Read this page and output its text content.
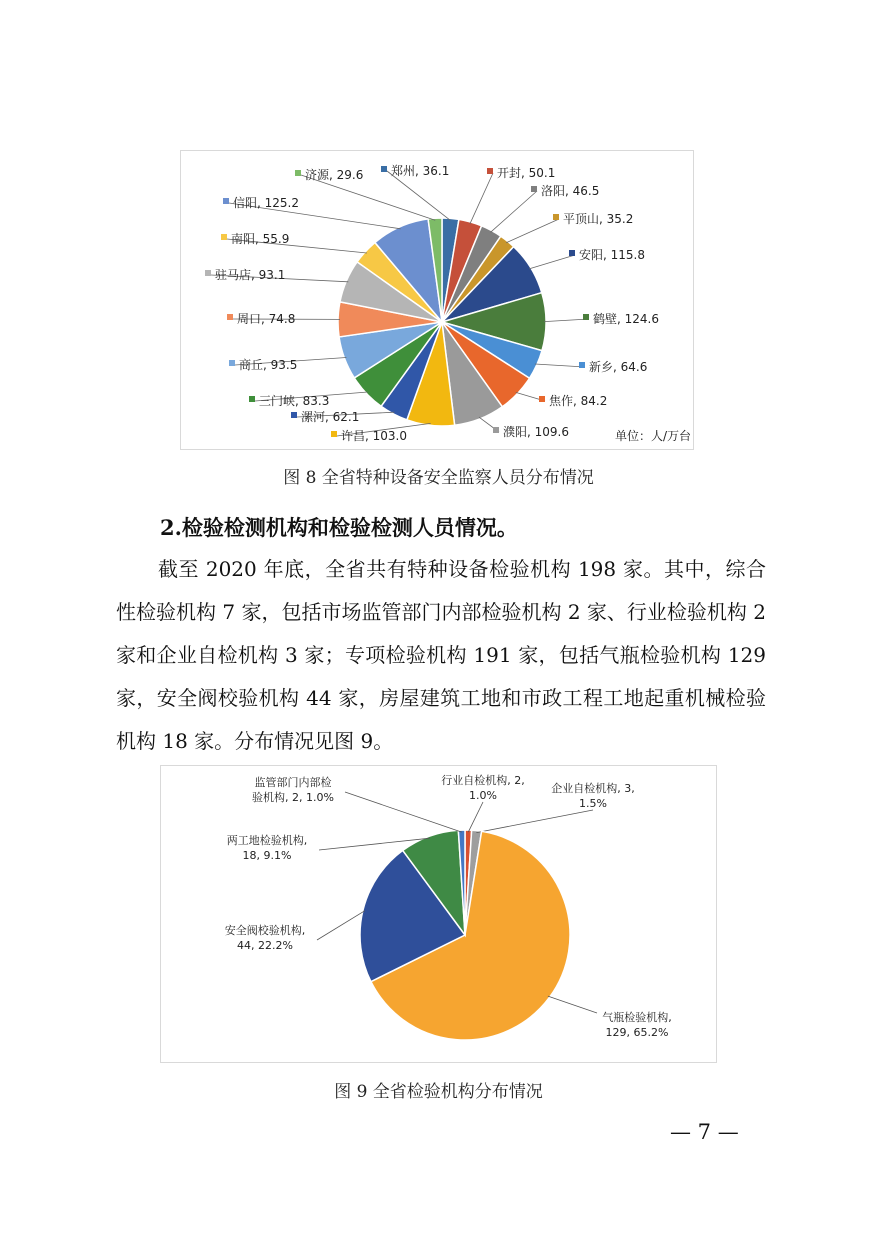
郑州, 36.1	开封, 50.1
洛阳, 46.5
平顶山, 35.2
安阳, 115.8
鹤壁, 124.6
新乡, 64.6
焦作, 84.2
濮阳, 109.6
许昌, 103.0
漯河, 62.1
三门峡, 83.3
商丘, 93.5
周口, 74.8
驻马店, 93.1
南阳, 55.9
信阳, 125.2
济源, 29.6
单位：人/万台
图 8 全省特种设备安全监察人员分布情况
2.检验检测机构和检验检测人员情况。
截至 2020 年底，全省共有特种设备检验机构 198 家。其中，综合性检验机构 7 家，包括市场监管部门内部检验机构 2 家、行业检验机构 2 家和企业自检机构 3 家；专项检验机构 191 家，包括气瓶检验机构 129 家，安全阀校验机构 44 家，房屋建筑工地和市政工程工地起重机械检验机构 18 家。分布情况见图 9。
行业自检机构, 2, 1.0%
企业自检机构, 3, 1.5%
气瓶检验机构, 129, 65.2%
安全阀校验机构, 44, 22.2%
两工地检验机构, 18, 9.1%
监管部门内部检验机构, 2, 1.0%
图 9 全省检验机构分布情况
— 7 —
